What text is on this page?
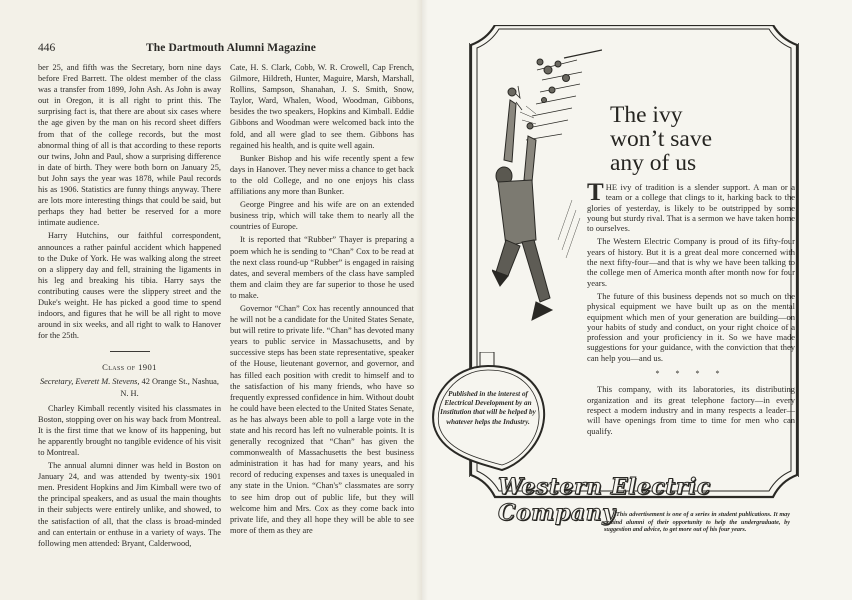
446	The Dartmouth Alumni Magazine

ber 25, and fifth was the Secretary, born nine days before Fred Barrett. The oldest member of the class was a transfer from 1899, John Ash. As John is away out in Oregon, it is all right to print this. The surprising fact is, that there are about six cases where the age given by the man on his record sheet differs from that of the college records, but the most abnormal thing of all is that according to these reports our twins, John and Paul, show a surprising difference in date of birth. They were both born on January 25, but John says the year was 1878, while Paul records his as 1906. Statistics are funny things anyway. There are lots more interesting things that could be said, but perhaps they had better be reserved for a more intimate audience.

Harry Hutchins, our faithful correspondent, announces a rather painful accident which happened to the Duke of York. He was walking along the street on a slippery day and fell, straining the ligaments in his leg and breaking his tibia. Harry says the contributing causes were the slippery street and the Duke's weight. He has picked a good time to spend indoors, and figures that he will be all right to move around in six weeks, and all right to walk to Hanover for the 25th.

Class of 1901
Secretary, Everett M. Stevens, 42 Orange St., Nashua, N. H.

Charley Kimball recently visited his classmates in Boston, stopping over on his way back from Montreal. It is the first time that we know of its happening, but he apparently brought no tangible evidence of his visit to Montreal.

The annual alumni dinner was held in Boston on January 24, and was attended by twenty-six 1901 men. President Hopkins and Jim Kimball were two of the principal speakers, and as usual the main thoughts in their subjects were entirely unlike, and showed, to the satisfaction of all, that the class is broad-minded and can entertain or enthuse in a variety of ways. The following men attended: Bryant, Calderwood,

Cate, H. S. Clark, Cobb, W. R. Crowell, Cap French, Gilmore, Hildreth, Hunter, Maguire, Marsh, Marshall, Rollins, Sampson, Shanahan, J. S. Smith, Snow, Taylor, Ward, Whalen, Wood, Woodman, Gibbons, besides the two speakers, Hopkins and Kimball. Eddie Gibbons and Woodman were welcomed back into the fold, and all were glad to see them. Gibbons has regained his health, and is quite well again.

Bunker Bishop and his wife recently spent a few days in Hanover. They never miss a chance to get back to the old College, and no one enjoys his class affiliations any more than Bunker.

George Pingree and his wife are on an extended business trip, which will take them to nearly all the countries of Europe.

It is reported that “Rubber” Thayer is preparing a poem which he is sending to “Chan” Cox to be read at the next class round-up “Rubber” is engaged in raising dates, and several members of the class have sampled them and claim they are far superior to those he used to make.

Governor “Chan” Cox has recently announced that he will not be a candidate for the United States Senate, but will retire to private life. “Chan” has devoted many years to public service in Massachusetts, and by successive steps has been state representative, speaker of the House, lieutenant governor, and governor, and has filled each position with credit to himself and to the satisfaction of his many friends, who have so frequently expressed confidence in him. Without doubt he could have been elected to the United States Senate, as he has always been able to poll a large vote in the state and his record has left no vulnerable points. It is generally recognized that “Chan” has given the commonwealth of Massachusetts the best business administration it has had for many years, and his record of reducing expenses and taxes is unequaled in any state in the Union. “Chan's” classmates are sorry to see him drop out of public life, but they will welcome him and Mrs. Cox as they come back into private life, and they all hope they will be able to see more of them as they are

The ivy
won’t save
any of us

THE ivy of tradition is a slender support. A man or a team or a college that clings to it, harking back to the glories of yesterday, is likely to be outstripped by some young but sturdy rival. That is a sermon we have taken home to ourselves.

The Western Electric Company is proud of its fifty-four years of history. But it is a great deal more concerned with the next fifty-four—and that is why we have been talking to the college men of America month after month now for four years.

The future of this business depends not so much on the physical equipment we have built up as on the mental equipment which men of your generation are building—on your habits of study and conduct, on your right choice of a profession and your proficiency in it. So we have made suggestions for your guidance, with the conviction that they can help you—and us.

* * * *

This company, with its laboratories, its distributing organization and its great telephone factory—in every respect a modern industry and in many respects a leader—will have openings from time to time for men who can qualify.

Published in the interest of Electrical Development by an Institution that will be helped by whatever helps the Industry.
Western Electric Company This advertisement is one of a series in student publications. It may remind alumni of their opportunity to help the undergraduate, by suggestion and advice, to get more out of his four years.
